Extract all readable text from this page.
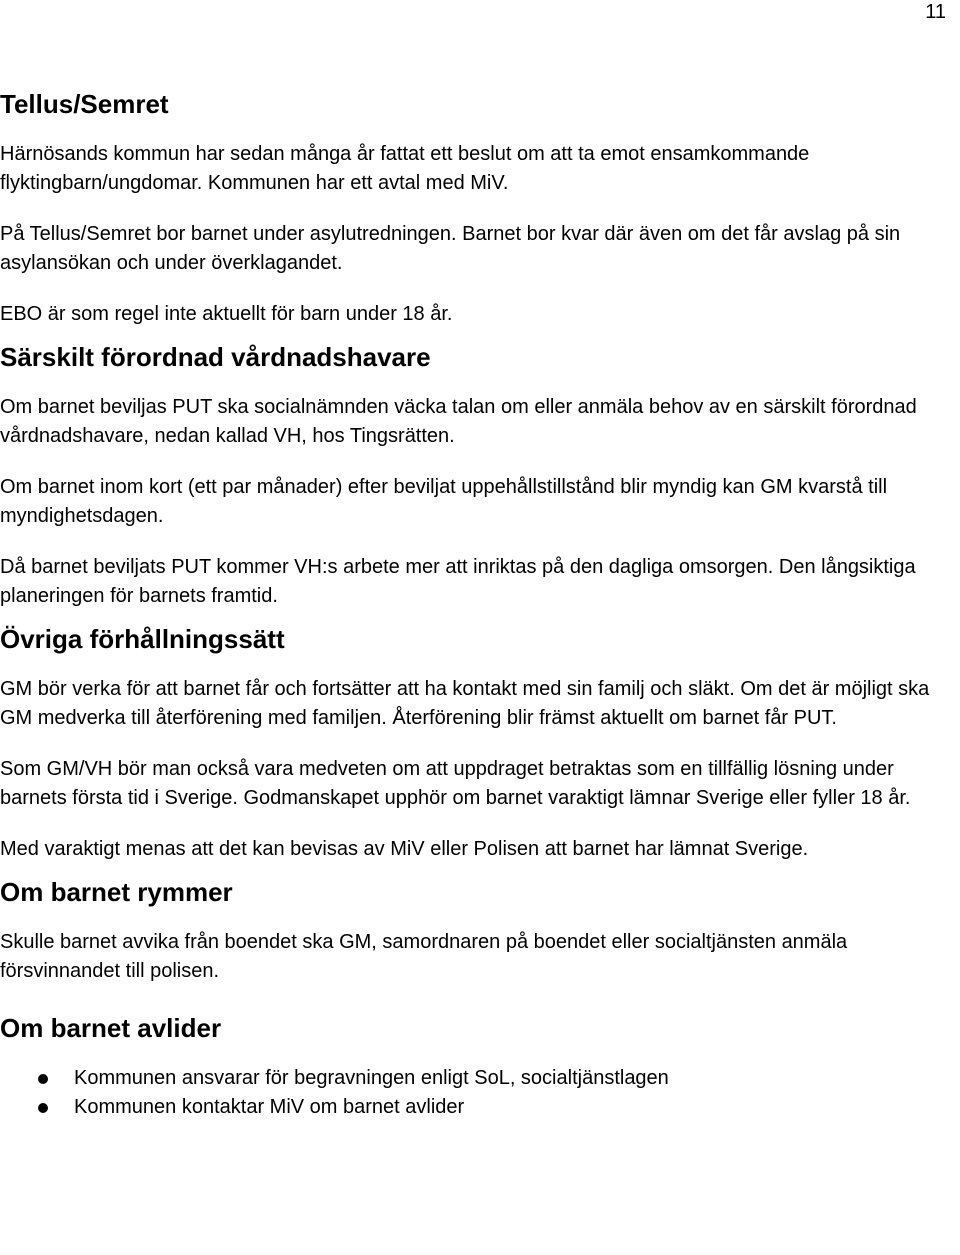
11
Tellus/Semret

Härnösands kommun har sedan många år fattat ett beslut om att ta emot ensamkommande flyktingbarn/ungdomar. Kommunen har ett avtal med MiV.

På Tellus/Semret bor barnet under asylutredningen. Barnet bor kvar där även om det får avslag på sin asylansökan och under överklagandet.

EBO är som regel inte aktuellt för barn under 18 år.

Särskilt förordnad vårdnadshavare

Om barnet beviljas PUT ska socialnämnden väcka talan om eller anmäla behov av en särskilt förordnad vårdnadshavare, nedan kallad VH, hos Tingsrätten.

Om barnet inom kort (ett par månader) efter beviljat uppehållstillstånd blir myndig kan GM kvarstå till myndighetsdagen.

Då barnet beviljats PUT kommer VH:s arbete mer att inriktas på den dagliga omsorgen. Den långsiktiga planeringen för barnets framtid.

Övriga förhållningssätt

GM bör verka för att barnet får och fortsätter att ha kontakt med sin familj och släkt. Om det är möjligt ska GM medverka till återförening med familjen. Återförening blir främst aktuellt om barnet får PUT.

Som GM/VH bör man också vara medveten om att uppdraget betraktas som en tillfällig lösning under barnets första tid i Sverige. Godmanskapet upphör om barnet varaktigt lämnar Sverige eller fyller 18 år.

Med varaktigt menas att det kan bevisas av MiV eller Polisen att barnet har lämnat Sverige.

Om barnet rymmer

Skulle barnet avvika från boendet ska GM, samordnaren på boendet eller socialtjänsten anmäla försvinnandet till polisen.

Om barnet avlider
Kommunen ansvarar för begravningen enligt SoL, socialtjänstlagen
Kommunen kontaktar MiV om barnet avlider
